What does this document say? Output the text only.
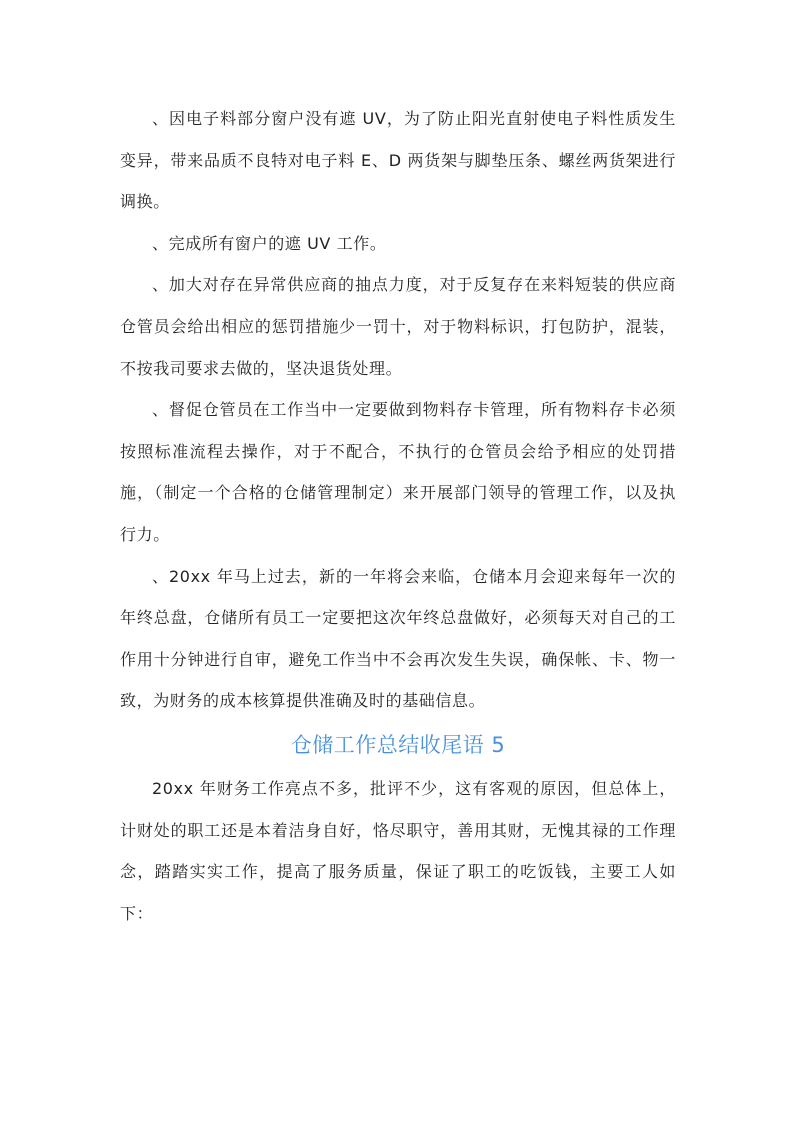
、因电子料部分窗户没有遮 UV，为了防止阳光直射使电子料性质发生变异，带来品质不良特对电子料 E、D 两货架与脚垫压条、螺丝两货架进行调换。

、完成所有窗户的遮 UV 工作。

、加大对存在异常供应商的抽点力度，对于反复存在来料短装的供应商仓管员会给出相应的惩罚措施少一罚十，对于物料标识，打包防护，混装，不按我司要求去做的，坚决退货处理。

、督促仓管员在工作当中一定要做到物料存卡管理，所有物料存卡必须按照标准流程去操作，对于不配合，不执行的仓管员会给予相应的处罚措施，（制定一个合格的仓储管理制定）来开展部门领导的管理工作，以及执行力。

、20xx 年马上过去，新的一年将会来临，仓储本月会迎来每年一次的年终总盘，仓储所有员工一定要把这次年终总盘做好，必须每天对自己的工作用十分钟进行自审，避免工作当中不会再次发生失误，确保帐、卡、物一致，为财务的成本核算提供准确及时的基础信息。

仓储工作总结收尾语 5

20xx 年财务工作亮点不多，批评不少，这有客观的原因，但总体上，计财处的职工还是本着洁身自好，恪尽职守，善用其财，无愧其禄的工作理念，踏踏实实工作，提高了服务质量，保证了职工的吃饭钱，主要工人如下：
